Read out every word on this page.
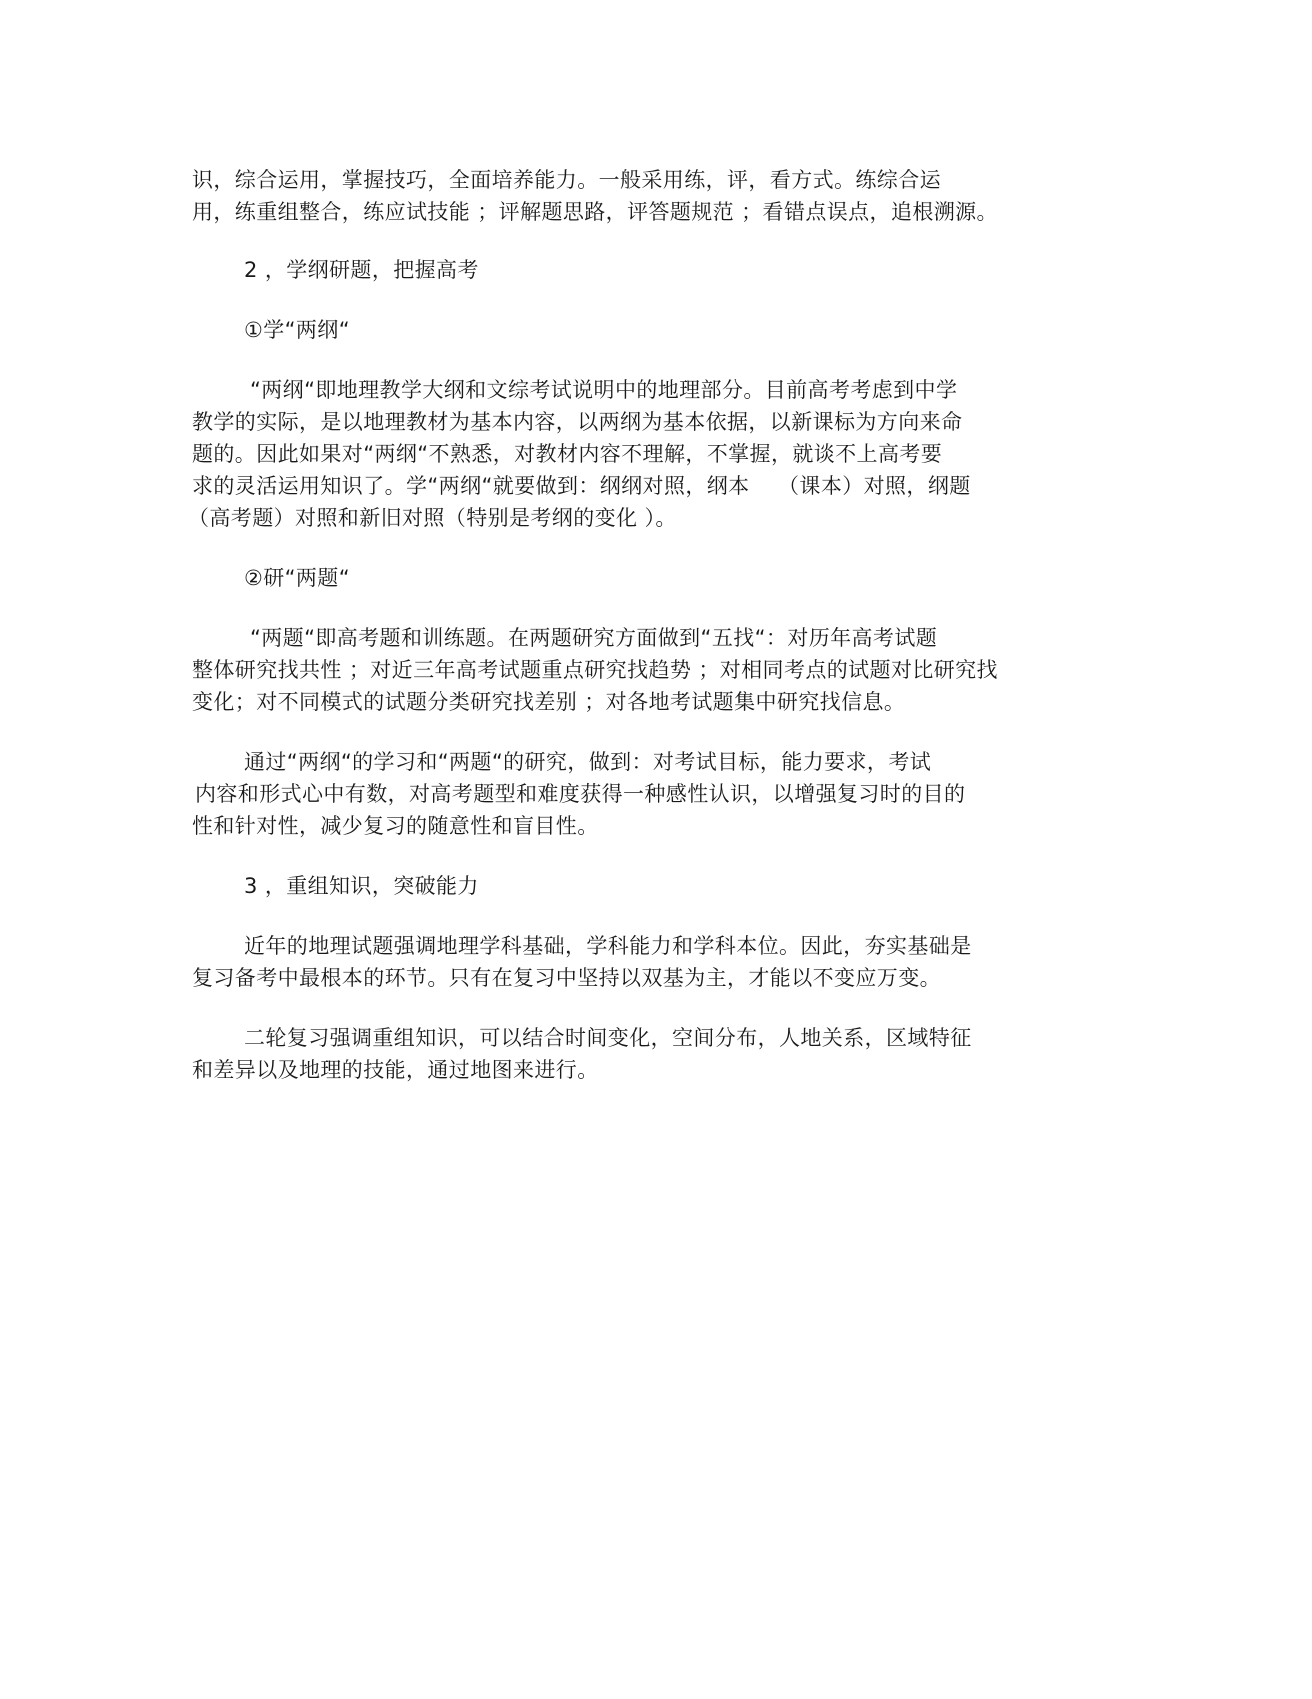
识，综合运用，掌握技巧，全面培养能力。一般采用练，评，看方式。练综合运
用，练重组整合，练应试技能 ；评解题思路，评答题规范 ；看错点误点，追根溯源。
2 ，学纲研题，把握高考
①学“两纲“
“两纲“即地理教学大纲和文综考试说明中的地理部分。目前高考考虑到中学
教学的实际，是以地理教材为基本内容，以两纲为基本依据，以新课标为方向来命
题的。因此如果对“两纲“不熟悉，对教材内容不理解，不掌握，就谈不上高考要
求的灵活运用知识了。学“两纲“就要做到：纲纲对照，纲本　 （课本）对照，纲题
（高考题）对照和新旧对照（特别是考纲的变化 ）。
②研“两题“
“两题“即高考题和训练题。在两题研究方面做到“五找“：对历年高考试题
整体研究找共性 ；对近三年高考试题重点研究找趋势 ；对相同考点的试题对比研究找
变化；对不同模式的试题分类研究找差别 ；对各地考试题集中研究找信息。
通过“两纲“的学习和“两题“的研究，做到：对考试目标，能力要求，考试
内容和形式心中有数，对高考题型和难度获得一种感性认识，以增强复习时的目的
性和针对性，减少复习的随意性和盲目性。
3 ，重组知识，突破能力
近年的地理试题强调地理学科基础，学科能力和学科本位。因此，夯实基础是
复习备考中最根本的环节。只有在复习中坚持以双基为主，才能以不变应万变。
二轮复习强调重组知识，可以结合时间变化，空间分布，人地关系，区域特征
和差异以及地理的技能，通过地图来进行。
